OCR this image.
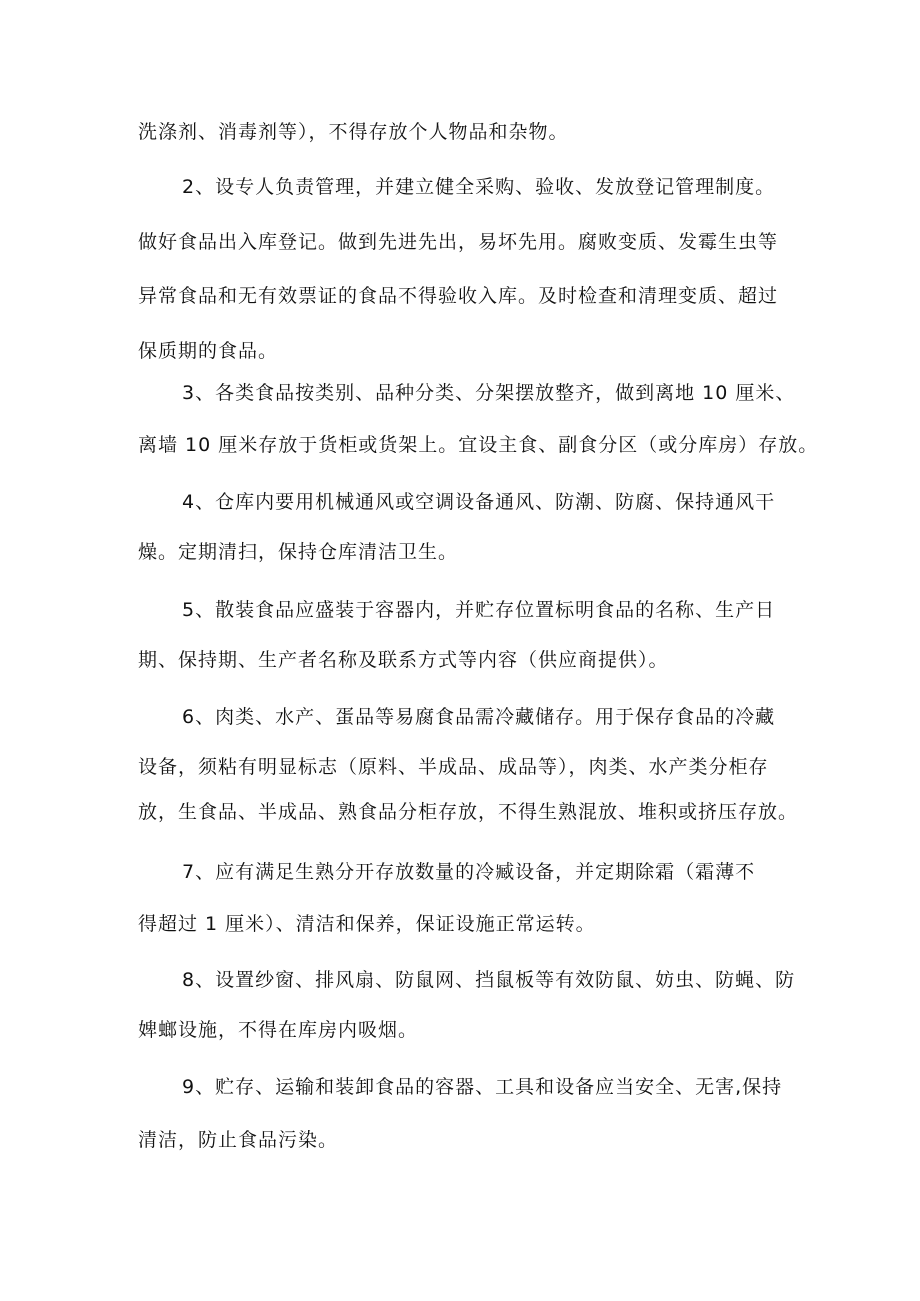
洗涤剂、消毒剂等），不得存放个人物品和杂物。
2、设专人负责管理，并建立健全采购、验收、发放登记管理制度。
做好食品出入库登记。做到先进先出，易坏先用。腐败变质、发霉生虫等
异常食品和无有效票证的食品不得验收入库。及时检查和清理变质、超过
保质期的食品。
3、各类食品按类别、品种分类、分架摆放整齐，做到离地 10 厘米、
离墙 10 厘米存放于货柜或货架上。宜设主食、副食分区（或分库房）存放。
4、仓库内要用机械通风或空调设备通风、防潮、防腐、保持通风干
燥。定期清扫，保持仓库清洁卫生。
5、散装食品应盛装于容器内，并贮存位置标明食品的名称、生产日
期、保持期、生产者名称及联系方式等内容（供应商提供）。
6、肉类、水产、蛋品等易腐食品需冷藏储存。用于保存食品的冷藏
设备，须粘有明显标志（原料、半成品、成品等），肉类、水产类分柜存
放，生食品、半成品、熟食品分柜存放，不得生熟混放、堆积或挤压存放。
7、应有满足生熟分开存放数量的冷臧设备，并定期除霜（霜薄不
得超过 1 厘米）、清洁和保养，保证设施正常运转。
8、设置纱窗、排风扇、防鼠网、挡鼠板等有效防鼠、妨虫、防蝇、防
婢螂设施，不得在库房内吸烟。
9、贮存、运输和装卸食品的容器、工具和设备应当安全、无害,保持
清洁，防止食品污染。
